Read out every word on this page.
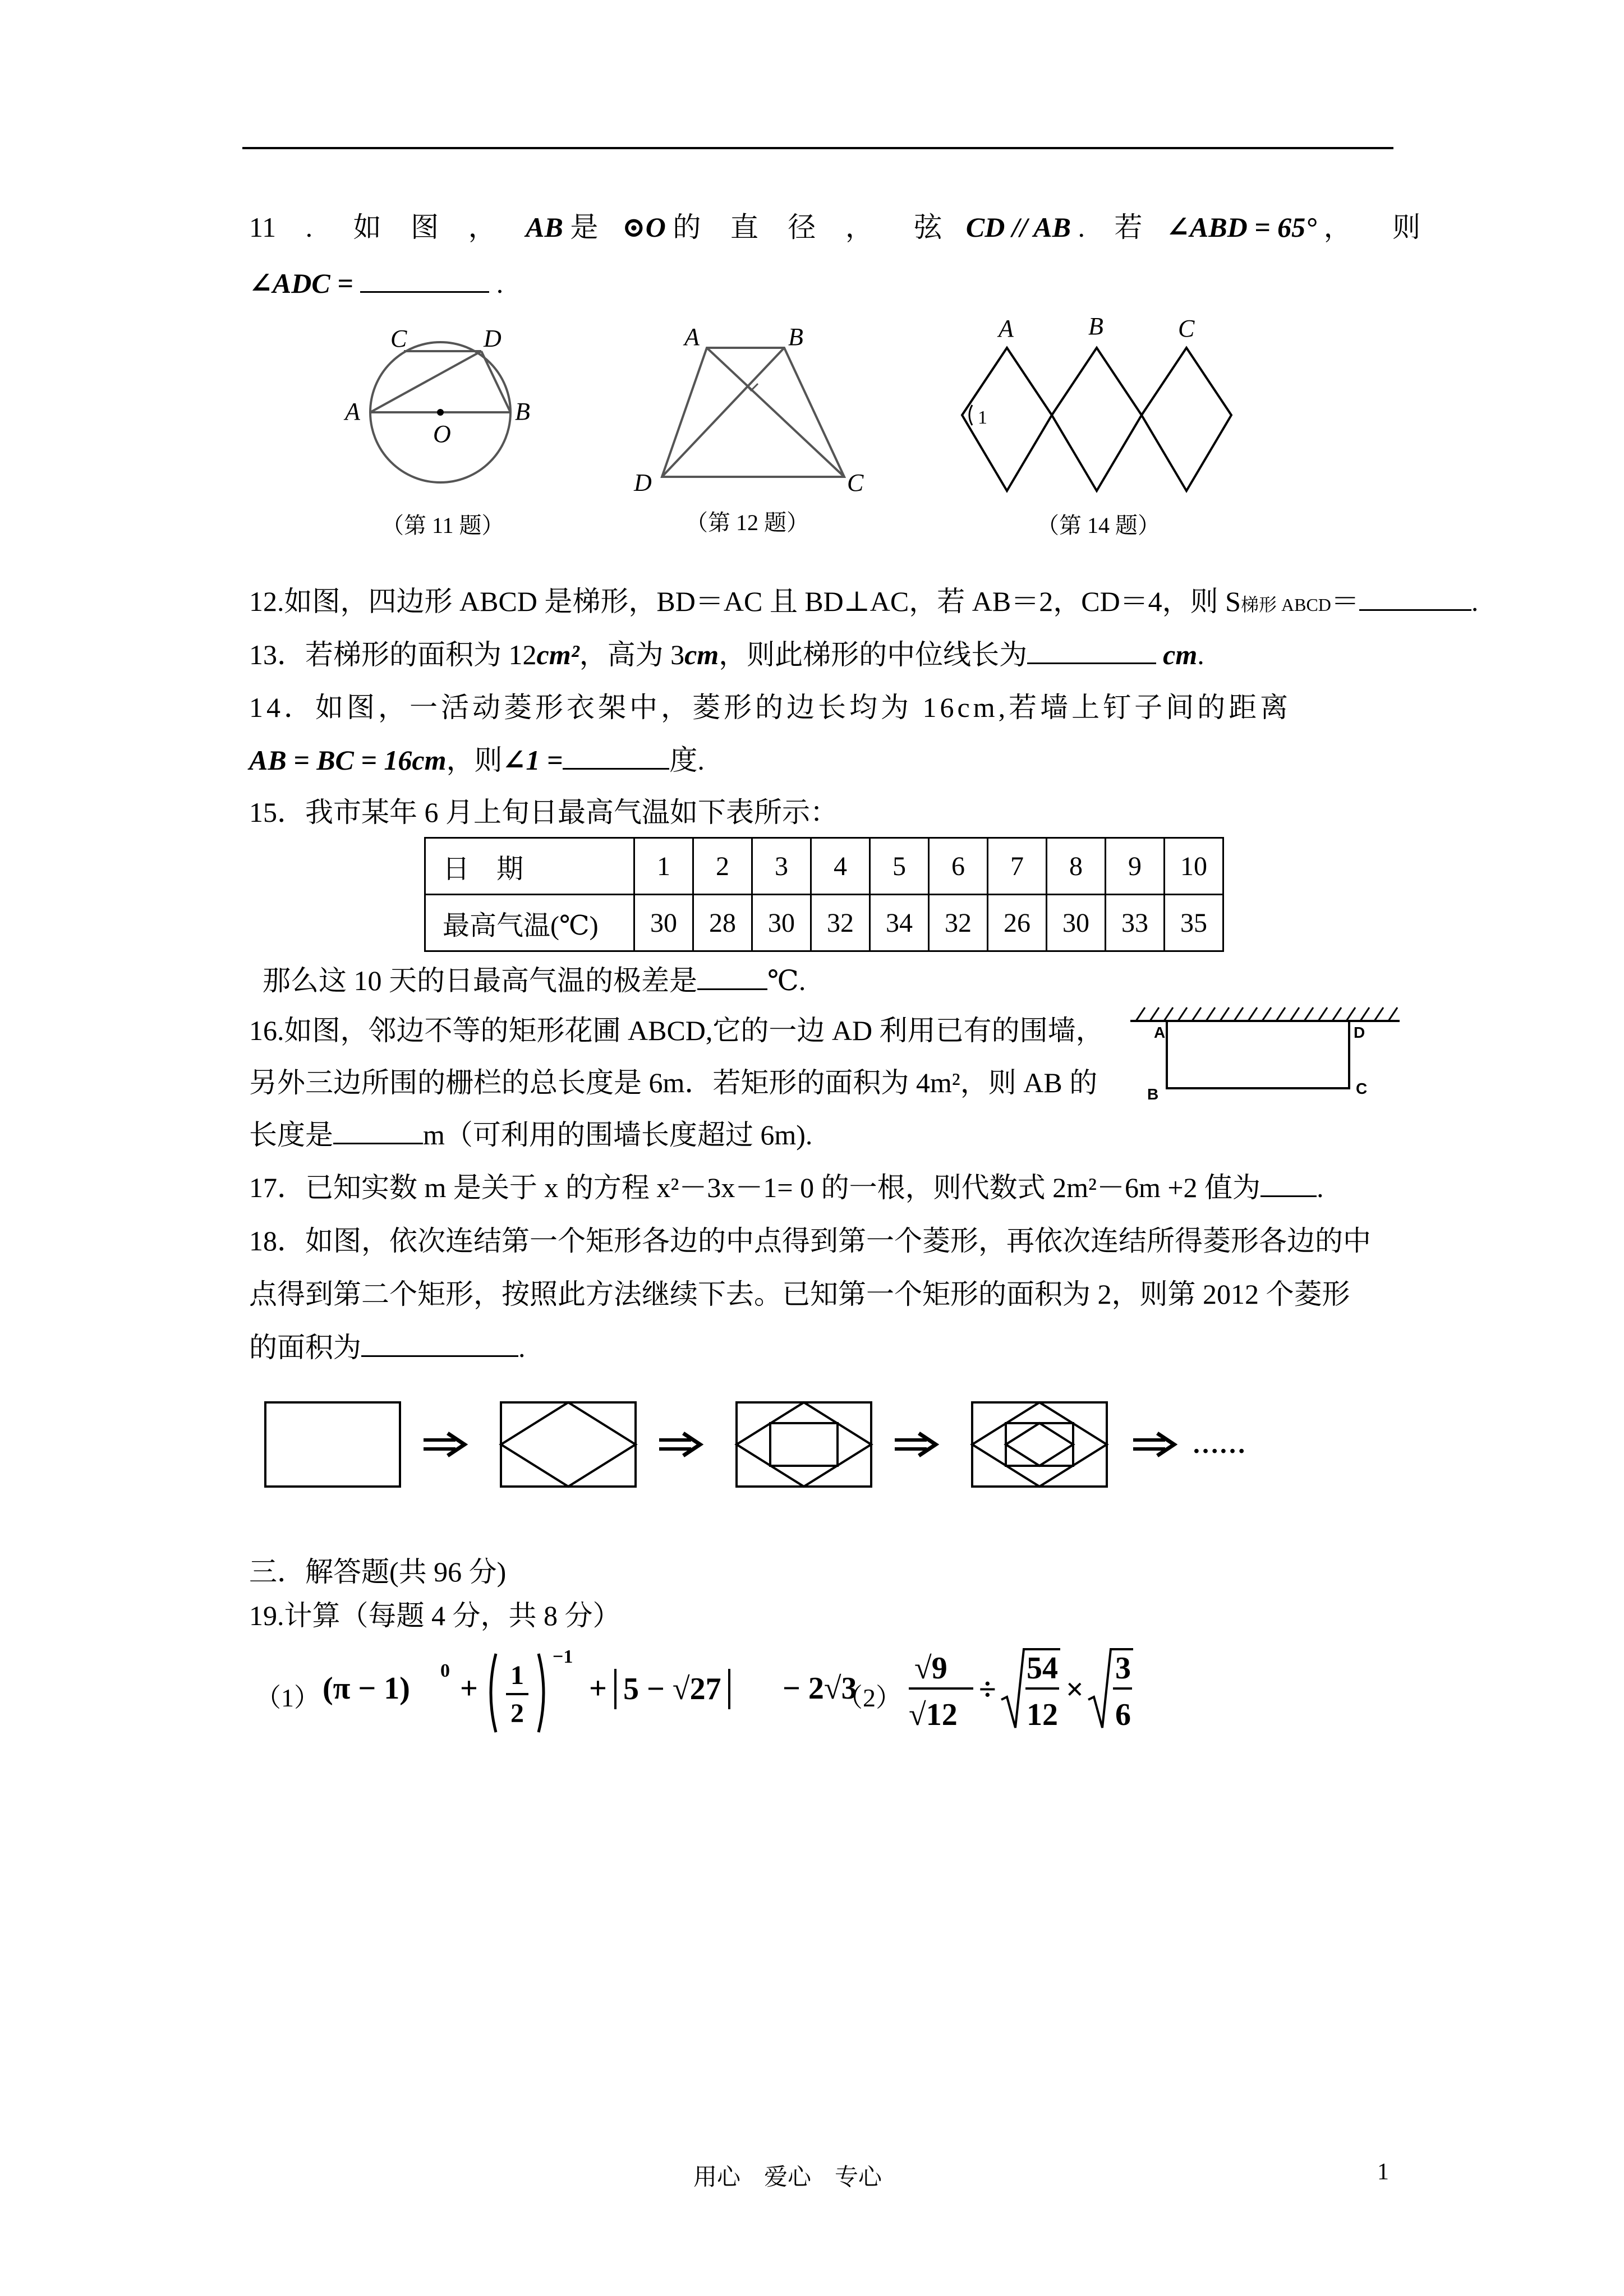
11 . 如 图 ， AB 是 ⊙O 的 直 径 ， 弦 CD // AB . 若 ∠ABD = 65° ， 则
∠ADC =	.
C	D
A
O
B
（第 11 题）
A	B
D	C
（第 12 题）
A	B	C
1
（第 14 题）
12.如图，四边形 ABCD 是梯形，BD＝AC 且 BD⊥AC，若 AB＝2，CD＝4，则 S梯形 ABCD＝	.
13．若梯形的面积为 12cm²，高为 3cm，则此梯形的中位线长为	cm.
14．如图，一活动菱形衣架中，菱形的边长均为 16cm,若墙上钉子间的距离
AB = BC = 16cm，则∠1 =	度.
15．我市某年 6 月上旬日最高气温如下表所示：
日　期	1	2	3	4	5	6	7	8	9	10
最高气温(℃)	30	28	30	32	34	32	26	30	33	35
那么这 10 天的日最高气温的极差是	℃.
16.如图，邻边不等的矩形花圃 ABCD,它的一边 AD 利用已有的围墙，
另外三边所围的栅栏的总长度是 6m．若矩形的面积为 4m²，则 AB 的
长度是	m（可利用的围墙长度超过 6m).
A	D
B	C
17．已知实数 m 是关于 x 的方程 x²－3x－1= 0 的一根，则代数式 2m²－6m +2 值为 .
18．如图，依次连结第一个矩形各边的中点得到第一个菱形，再依次连结所得菱形各边的中
点得到第二个矩形，按照此方法继续下去。已知第一个矩形的面积为 2，则第 2012 个菱形
的面积为	.
……
三．解答题(共 96 分)
19.计算（每题 4 分，共 8 分）
（1） (π − 1)
0
+ 1
2
−1
+ 5 − √27 − 2√3
（2）
√9
√12
÷
54
12
×
3
6
用心　爱心　专心	1
